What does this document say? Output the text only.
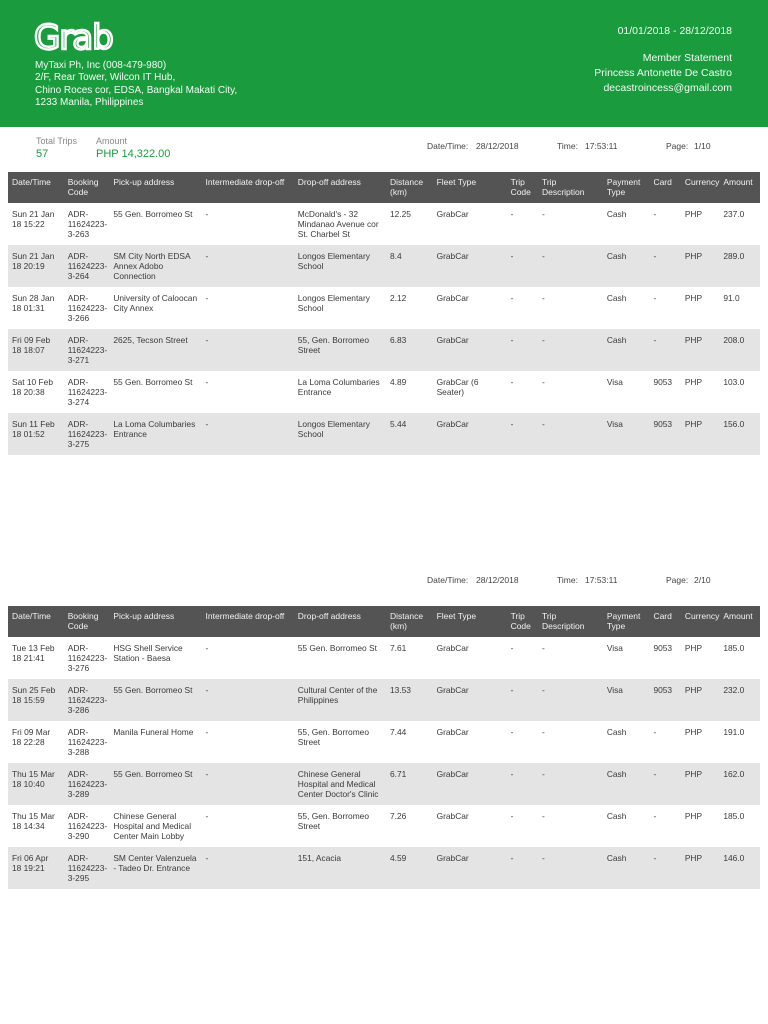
Grab
MyTaxi Ph, Inc (008-479-980)
2/F, Rear Tower, Wilcon IT Hub,
Chino Roces cor, EDSA, Bangkal Makati City,
1233 Manila, Philippines
01/01/2018 - 28/12/2018
Member Statement
Princess Antonette De Castro
decastroincess@gmail.com
Total Trips
57
Amount
PHP 14,322.00
Date/Time: 28/12/2018	Time: 17:53:11	Page: 1/10
Date/Time	Booking Code	Pick-up address	Intermediate drop-off	Drop-off address	Distance (km)	Fleet Type	Trip Code	Trip Description	Payment Type	Card	Currency	Amount
Sun 21 Jan 18 15:22	ADR-11624223-3-263	55 Gen. Borromeo St	-	McDonald's - 32 Mindanao Avenue cor St. Charbel St	12.25	GrabCar	-	-	Cash	-	PHP	237.0
Sun 21 Jan 18 20:19	ADR-11624223-3-264	SM City North EDSA Annex Adobo Connection	-	Longos Elementary School	8.4	GrabCar	-	-	Cash	-	PHP	289.0
Sun 28 Jan 18 01:31	ADR-11624223-3-266	University of Caloocan City Annex	-	Longos Elementary School	2.12	GrabCar	-	-	Cash	-	PHP	91.0
Fri 09 Feb 18 18:07	ADR-11624223-3-271	2625, Tecson Street	-	55, Gen. Borromeo Street	6.83	GrabCar	-	-	Cash	-	PHP	208.0
Sat 10 Feb 18 20:38	ADR-11624223-3-274	55 Gen. Borromeo St	-	La Loma Columbaries Entrance	4.89	GrabCar (6 Seater)	-	-	Visa	9053	PHP	103.0
Sun 11 Feb 18 01:52	ADR-11624223-3-275	La Loma Columbaries Entrance	-	Longos Elementary School	5.44	GrabCar	-	-	Visa	9053	PHP	156.0
Date/Time: 28/12/2018	Time: 17:53:11	Page: 2/10
Date/Time	Booking Code	Pick-up address	Intermediate drop-off	Drop-off address	Distance (km)	Fleet Type	Trip Code	Trip Description	Payment Type	Card	Currency	Amount
Tue 13 Feb 18 21:41	ADR-11624223-3-276	HSG Shell Service Station - Baesa	-	55 Gen. Borromeo St	7.61	GrabCar	-	-	Visa	9053	PHP	185.0
Sun 25 Feb 18 15:59	ADR-11624223-3-286	55 Gen. Borromeo St	-	Cultural Center of the Philippines	13.53	GrabCar	-	-	Visa	9053	PHP	232.0
Fri 09 Mar 18 22:28	ADR-11624223-3-288	Manila Funeral Home	-	55, Gen. Borromeo Street	7.44	GrabCar	-	-	Cash	-	PHP	191.0
Thu 15 Mar 18 10:40	ADR-11624223-3-289	55 Gen. Borromeo St	-	Chinese General Hospital and Medical Center Doctor's Clinic	6.71	GrabCar	-	-	Cash	-	PHP	162.0
Thu 15 Mar 18 14:34	ADR-11624223-3-290	Chinese General Hospital and Medical Center Main Lobby	-	55, Gen. Borromeo Street	7.26	GrabCar	-	-	Cash	-	PHP	185.0
Fri 06 Apr 18 19:21	ADR-11624223-3-295	SM Center Valenzuela - Tadeo Dr. Entrance	-	151, Acacia	4.59	GrabCar	-	-	Cash	-	PHP	146.0
